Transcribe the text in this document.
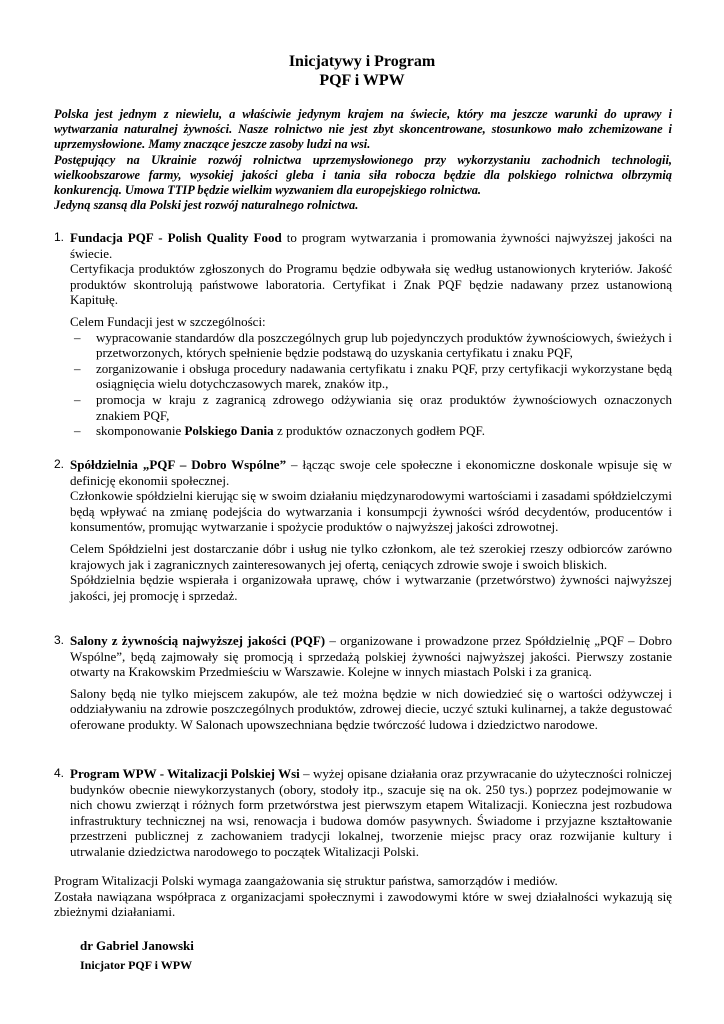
Inicjatywy i Program
PQF i WPW

Polska jest jednym z niewielu, a właściwie jedynym krajem na świecie, który ma jeszcze warunki do uprawy i wytwarzania naturalnej żywności. Nasze rolnictwo nie jest zbyt skoncentrowane, stosunkowo mało zchemizowane i uprzemysłowione. Mamy znaczące jeszcze zasoby ludzi na wsi.

Postępujący na Ukrainie rozwój rolnictwa uprzemysłowionego przy wykorzystaniu zachodnich technologii, wielkoobszarowe farmy, wysokiej jakości gleba i tania siła robocza będzie dla polskiego rolnictwa olbrzymią konkurencją. Umowa TTIP będzie wielkim wyzwaniem dla europejskiego rolnictwa.

Jedyną szansą dla Polski jest rozwój naturalnego rolnictwa.

1. Fundacja PQF - Polish Quality Food to program wytwarzania i promowania żywności najwyższej jakości na świecie.

Certyfikacja produktów zgłoszonych do Programu będzie odbywała się według ustanowionych kryteriów. Jakość produktów skontrolują państwowe laboratoria. Certyfikat i Znak PQF będzie nadawany przez ustanowioną Kapitułę.

Celem Fundacji jest w szczególności:

– wypracowanie standardów dla poszczególnych grup lub pojedynczych produktów żywnościowych, świeżych i przetworzonych, których spełnienie będzie podstawą do uzyskania certyfikatu i znaku PQF,
– zorganizowanie i obsługa procedury nadawania certyfikatu i znaku PQF, przy certyfikacji wykorzystane będą osiągnięcia wielu dotychczasowych marek, znaków itp.,
– promocja w kraju z zagranicą zdrowego odżywiania się oraz produktów żywnościowych oznaczonych znakiem PQF,
– skomponowanie Polskiego Dania z produktów oznaczonych godłem PQF.
2. Spółdzielnia „PQF – Dobro Wspólne” – łącząc swoje cele społeczne i ekonomiczne doskonale wpisuje się w definicję ekonomii społecznej.

Członkowie spółdzielni kierując się w swoim działaniu międzynarodowymi wartościami i zasadami spółdzielczymi będą wpływać na zmianę podejścia do wytwarzania i konsumpcji żywności wśród decydentów, producentów i konsumentów, promując wytwarzanie i spożycie produktów o najwyższej jakości zdrowotnej.

Celem Spółdzielni jest dostarczanie dóbr i usług nie tylko członkom, ale też szerokiej rzeszy odbiorców zarówno krajowych jak i zagranicznych zainteresowanych jej ofertą, ceniących zdrowie swoje i swoich bliskich.

Spółdzielnia będzie wspierała i organizowała uprawę, chów i wytwarzanie (przetwórstwo) żywności najwyższej jakości, jej promocję i sprzedaż.

3. Salony z żywnością najwyższej jakości (PQF) – organizowane i prowadzone przez Spółdzielnię „PQF – Dobro Wspólne”, będą zajmowały się promocją i sprzedażą polskiej żywności najwyższej jakości. Pierwszy zostanie otwarty na Krakowskim Przedmieściu w Warszawie. Kolejne w innych miastach Polski i za granicą.

Salony będą nie tylko miejscem zakupów, ale też można będzie w nich dowiedzieć się o wartości odżywczej i oddziaływaniu na zdrowie poszczególnych produktów, zdrowej diecie, uczyć sztuki kulinarnej, a także degustować oferowane produkty. W Salonach upowszechniana będzie twórczość ludowa i dziedzictwo narodowe.

4. Program WPW - Witalizacji Polskiej Wsi – wyżej opisane działania oraz przywracanie do użyteczności rolniczej budynków obecnie niewykorzystanych (obory, stodoły itp., szacuje się na ok. 250 tys.) poprzez podejmowanie w nich chowu zwierząt i różnych form przetwórstwa jest pierwszym etapem Witalizacji. Konieczna jest rozbudowa infrastruktury technicznej na wsi, renowacja i budowa domów pasywnych. Świadome i przyjazne kształtowanie przestrzeni publicznej z zachowaniem tradycji lokalnej, tworzenie miejsc pracy oraz rozwijanie kultury i utrwalanie dziedzictwa narodowego to początek Witalizacji Polski.

Program Witalizacji Polski wymaga zaangażowania się struktur państwa, samorządów i mediów.

Została nawiązana współpraca z organizacjami społecznymi i zawodowymi które w swej działalności wykazują się zbieżnymi działaniami.

dr Gabriel Janowski
Inicjator PQF i WPW
